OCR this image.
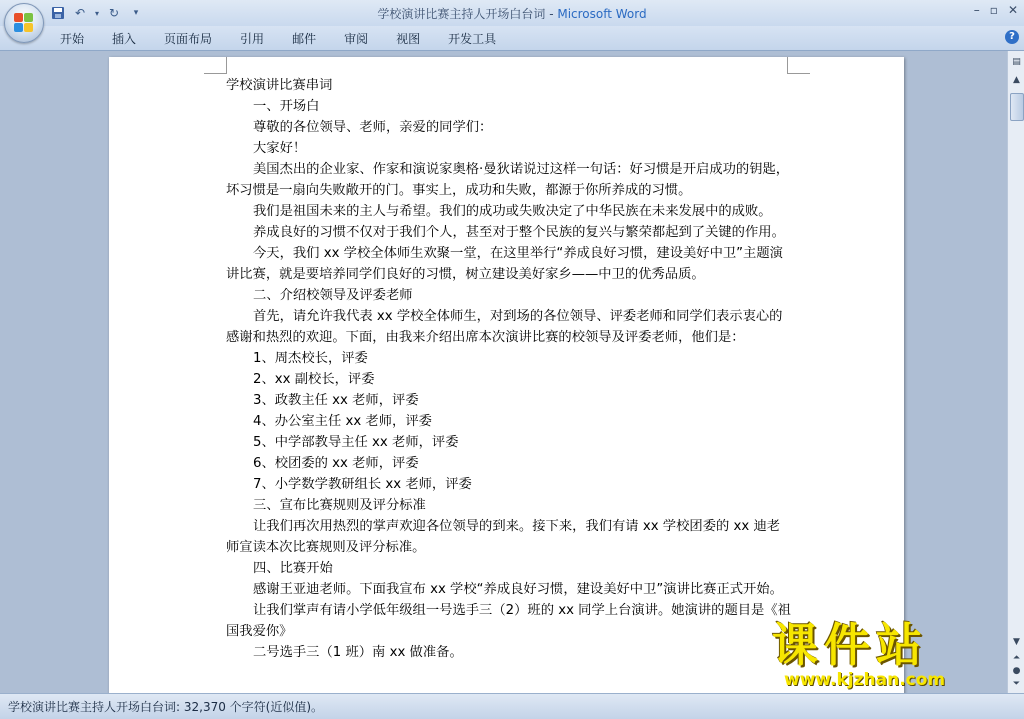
↶	▾ ↻	▾	学校演讲比赛主持人开场白台词 - Microsoft Word	– ▫ ✕
开始 插入 页面布局 引用 邮件 审阅 视图 开发工具	?

学校演讲比赛串词

一、开场白

尊敬的各位领导、老师，亲爱的同学们：

大家好！

美国杰出的企业家、作家和演说家奥格·曼狄诺说过这样一句话：好习惯是开启成功的钥匙，坏习惯是一扇向失败敞开的门。事实上，成功和失败，都源于你所养成的习惯。

我们是祖国未来的主人与希望。我们的成功或失败决定了中华民族在未来发展中的成败。

养成良好的习惯不仅对于我们个人，甚至对于整个民族的复兴与繁荣都起到了关键的作用。

今天，我们 xx 学校全体师生欢聚一堂，在这里举行“养成良好习惯，建设美好中卫”主题演讲比赛，就是要培养同学们良好的习惯，树立建设美好家乡——中卫的优秀品质。

二、介绍校领导及评委老师

首先，请允许我代表 xx 学校全体师生，对到场的各位领导、评委老师和同学们表示衷心的感谢和热烈的欢迎。下面，由我来介绍出席本次演讲比赛的校领导及评委老师，他们是：

1、周杰校长，评委

2、xx 副校长，评委

3、政教主任 xx 老师，评委

4、办公室主任 xx 老师，评委

5、中学部教导主任 xx 老师，评委

6、校团委的 xx 老师，评委

7、小学数学教研组长 xx 老师，评委

三、宣布比赛规则及评分标准

让我们再次用热烈的掌声欢迎各位领导的到来。接下来，我们有请 xx 学校团委的 xx 迪老师宣读本次比赛规则及评分标准。

四、比赛开始

感谢王亚迪老师。下面我宣布 xx 学校“养成良好习惯，建设美好中卫”演讲比赛正式开始。

让我们掌声有请小学低年级组一号选手三（2）班的 xx 同学上台演讲。她演讲的题目是《祖国我爱你》

二号选手三（1 班）南 xx 做准备。	课件站
www.kjzhan.com
▤
▲
▼
⏶
●
⏷
学校演讲比赛主持人开场白台词: 32,370 个字符(近似值)。
